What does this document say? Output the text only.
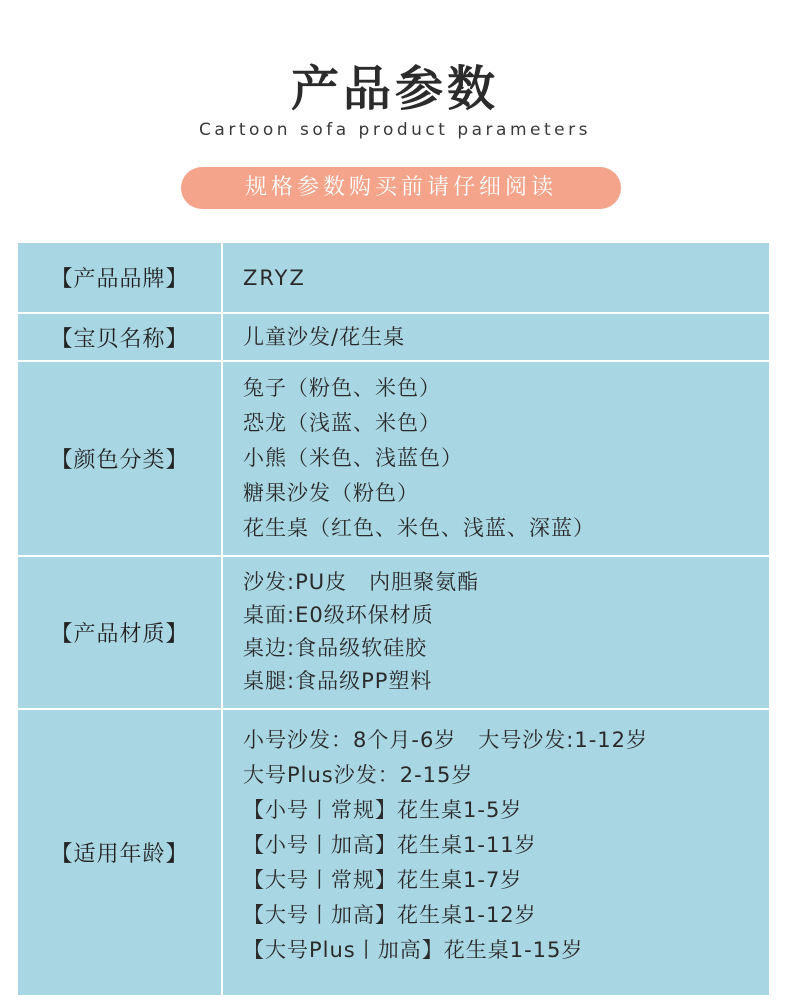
产品参数
Cartoon sofa product parameters
规格参数购买前请仔细阅读
【产品品牌】	ZRYZ
【宝贝名称】	儿童沙发/花生桌
【颜色分类】
兔子（粉色、米色）
恐龙（浅蓝、米色）
小熊（米色、浅蓝色）
糖果沙发（粉色）
花生桌（红色、米色、浅蓝、深蓝）
【产品材质】
沙发:PU皮　内胆聚氨酯
桌面:E0级环保材质
桌边:食品级软硅胶
桌腿:食品级PP塑料
【适用年龄】
小号沙发：8个月-6岁　大号沙发:1-12岁
大号Plus沙发：2-15岁
【小号丨常规】花生桌1-5岁
【小号丨加高】花生桌1-11岁
【大号丨常规】花生桌1-7岁
【大号丨加高】花生桌1-12岁
【大号Plus丨加高】花生桌1-15岁
